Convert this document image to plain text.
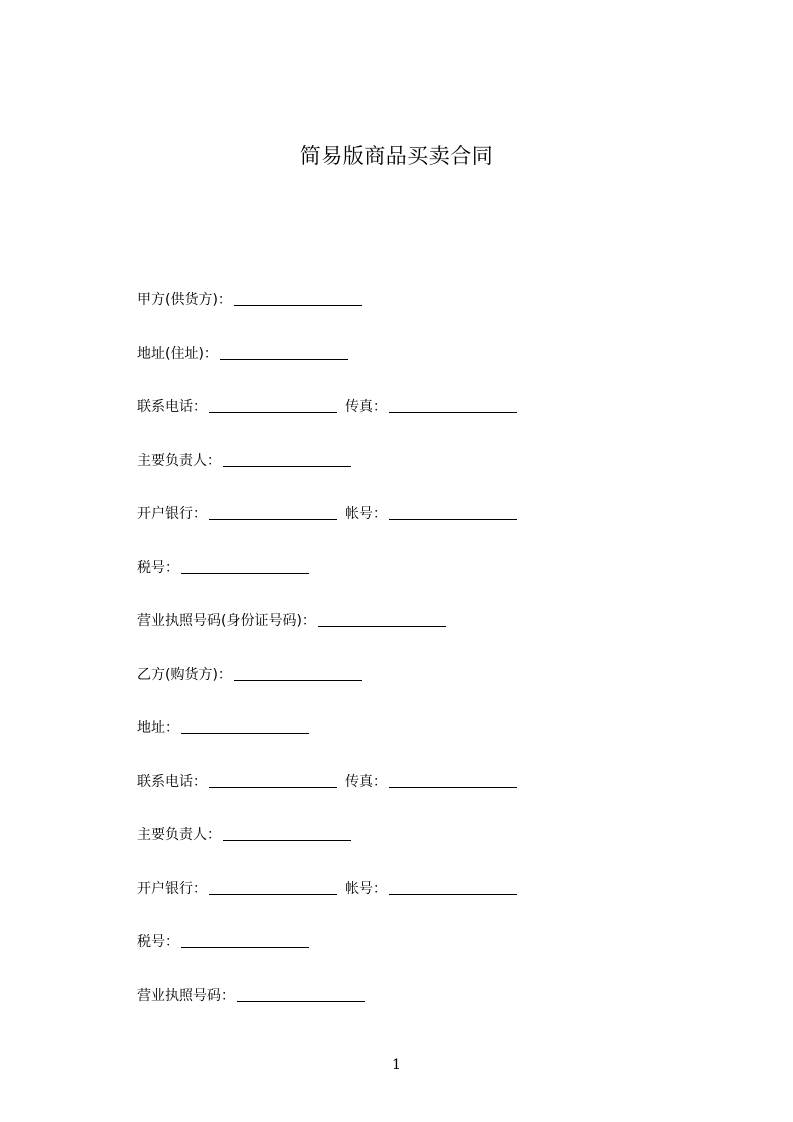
简易版商品买卖合同
甲方(供货方)：
地址(住址)：
联系电话：	传真：
主要负责人：
开户银行：	帐号：
税号：
营业执照号码(身份证号码)：
乙方(购货方)：
地址：
联系电话：	传真：
主要负责人：
开户银行：	帐号：
税号：
营业执照号码：
1
